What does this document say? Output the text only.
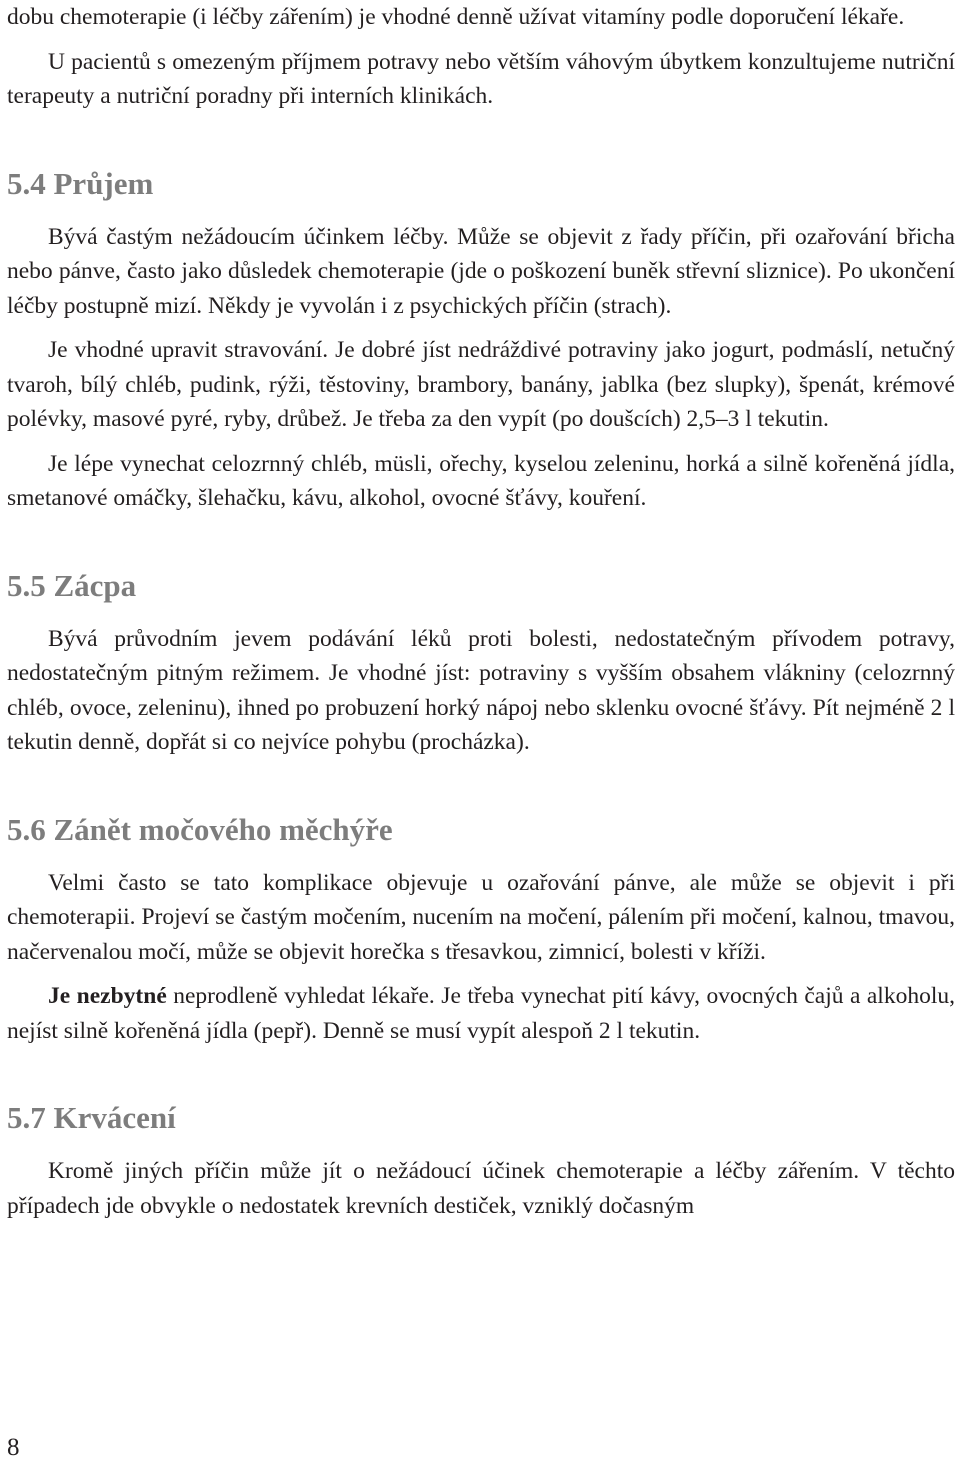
dobu chemoterapie (i léčby zářením) je vhodné denně užívat vitamíny podle doporučení lékaře.

U pacientů s omezeným příjmem potravy nebo větším váhovým úbytkem konzultujeme nutriční terapeuty a nutriční poradny při interních klinikách.

5.4 Průjem

Bývá častým nežádoucím účinkem léčby. Může se objevit z řady příčin, při ozařování břicha nebo pánve, často jako důsledek chemoterapie (jde o poškození buněk střevní sliznice). Po ukončení léčby postupně mizí. Někdy je vyvolán i z psychických příčin (strach).

Je vhodné upravit stravování. Je dobré jíst nedráždivé potraviny jako jogurt, podmáslí, netučný tvaroh, bílý chléb, pudink, rýži, těstoviny, brambory, banány, jablka (bez slupky), špenát, krémové polévky, masové pyré, ryby, drůbež. Je třeba za den vypít (po doušcích) 2,5–3 l tekutin.

Je lépe vynechat celozrnný chléb, müsli, ořechy, kyselou zeleninu, horká a silně kořeněná jídla, smetanové omáčky, šlehačku, kávu, alkohol, ovocné šťávy, kouření.

5.5 Zácpa

Bývá průvodním jevem podávání léků proti bolesti, nedostatečným přívodem potravy, nedostatečným pitným režimem. Je vhodné jíst: potraviny s vyšším obsahem vlákniny (celozrnný chléb, ovoce, zeleninu), ihned po probuzení horký nápoj nebo sklenku ovocné šťávy. Pít nejméně 2 l tekutin denně, dopřát si co nejvíce pohybu (procházka).

5.6 Zánět močového měchýře

Velmi často se tato komplikace objevuje u ozařování pánve, ale může se objevit i při chemoterapii. Projeví se častým močením, nucením na močení, pálením při močení, kalnou, tmavou, načervenalou močí, může se objevit horečka s třesavkou, zimnicí, bolesti v kříži.

Je nezbytné neprodleně vyhledat lékaře. Je třeba vynechat pití kávy, ovocných čajů a alkoholu, nejíst silně kořeněná jídla (pepř). Denně se musí vypít alespoň 2 l tekutin.

5.7 Krvácení

Kromě jiných příčin může jít o nežádoucí účinek chemoterapie a léčby zářením. V těchto případech jde obvykle o nedostatek krevních destiček, vzniklý dočasným

8
